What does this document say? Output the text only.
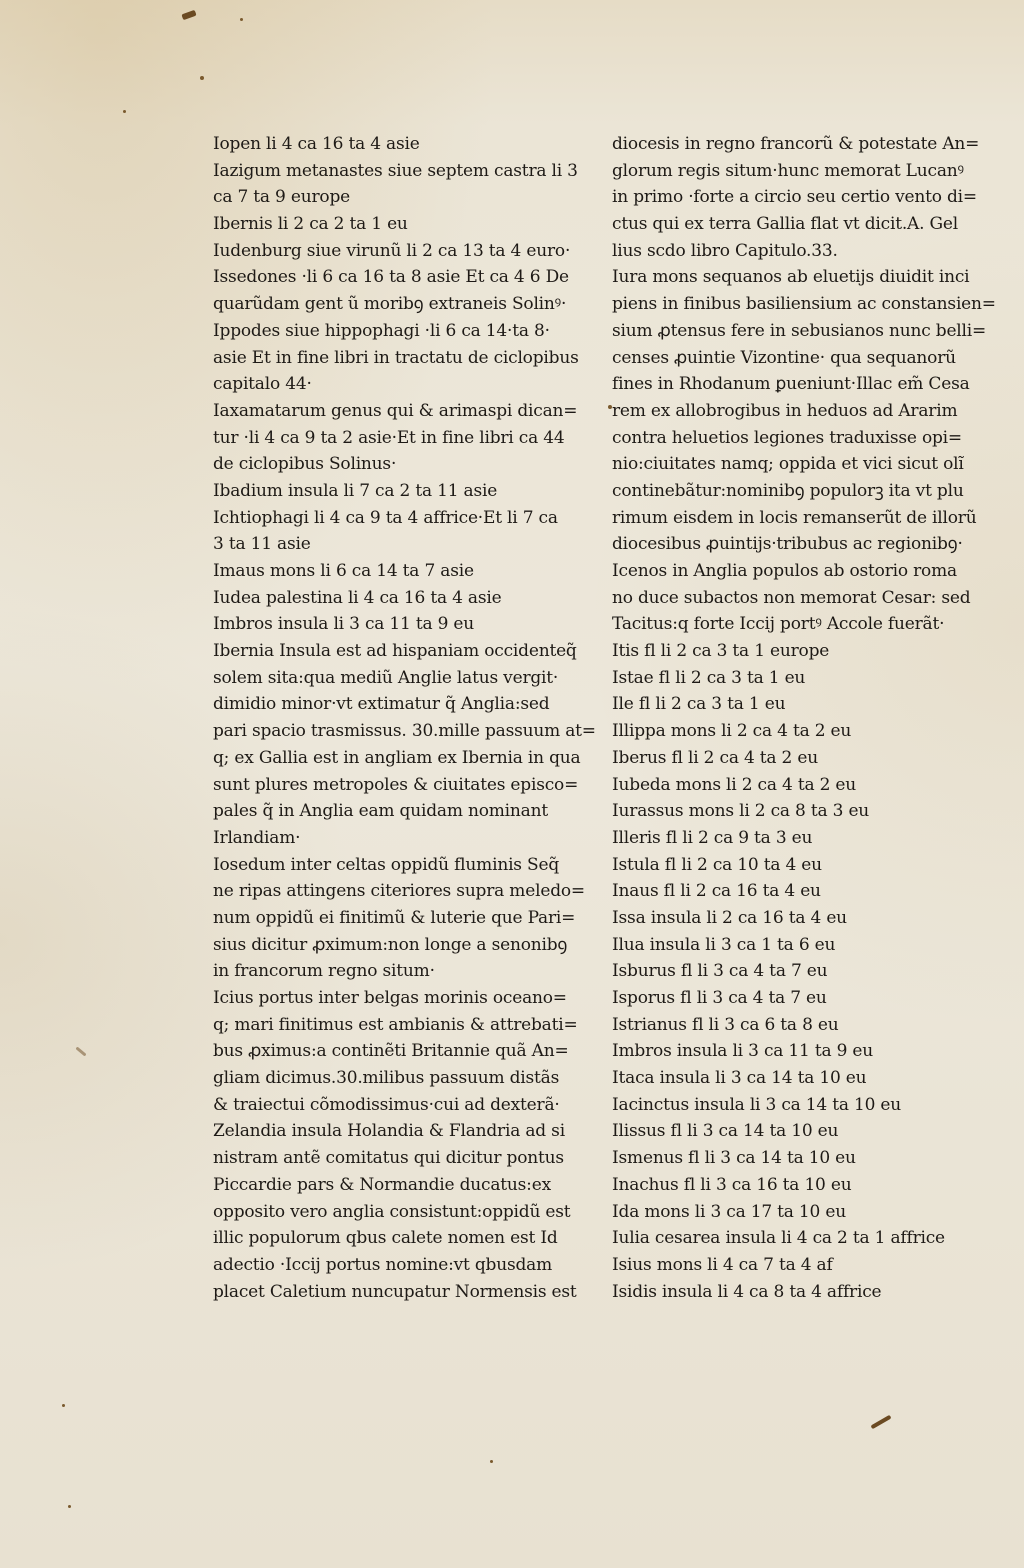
Iopen li 4 ca 16 ta 4 asie
Iazigum metanastes siue septem castra li 3
ca 7 ta 9 europe
Ibernis li 2 ca 2 ta 1 eu
Iudenburg siue virunũ li 2 ca 13 ta 4 euro·
Issedones ·li 6 ca 16 ta 8 asie Et ca 4 6 De
quarũdam gent ũ moribꝯ extraneis Solinꝰ·
Ippodes siue hippophagi ·li 6 ca 14·ta 8·
asie Et in fine libri in tractatu de ciclopibus
capitalo 44·
Iaxamatarum genus qui & arimaspi dican=
tur ·li 4 ca 9 ta 2 asie·Et in fine libri ca 44
de ciclopibus Solinus·
Ibadium insula li 7 ca 2 ta 11 asie
Ichtiophagi li 4 ca 9 ta 4 affrice·Et li 7 ca
3 ta 11 asie
Imaus mons li 6 ca 14 ta 7 asie
Iudea palestina li 4 ca 16 ta 4 asie
Imbros insula li 3 ca 11 ta 9 eu
Ibernia Insula est ad hispaniam occidenteq̃
solem sita:qua mediũ Anglie latus vergit·
dimidio minor·vt extimatur q̃ Anglia:sed
pari spacio trasmissus. 30.mille passuum at=
q; ex Gallia est in angliam ex Ibernia in qua
sunt plures metropoles & ciuitates episco=
pales q̃ in Anglia eam quidam nominant
Irlandiam·
Iosedum inter celtas oppidũ fluminis Seq̃
ne ripas attingens citeriores supra meledo=
num oppidũ ei finitimũ & luterie que Pari=
sius dicitur ꝓximum:non longe a senonibꝯ
in francorum regno situm·
Icius portus inter belgas morinis oceano=
q; mari finitimus est ambianis & attrebati=
bus ꝓximus:a continẽti Britannie quã An=
gliam dicimus.30.milibus passuum distãs
& traiectui cõmodissimus·cui ad dexterã·
Zelandia insula Holandia & Flandria ad si
nistram antẽ comitatus qui dicitur pontus
Piccardie pars & Normandie ducatus:ex
opposito vero anglia consistunt:oppidũ est
illic populorum qbus calete nomen est Id
adectio ·Iccij portus nomine:vt qbusdam
placet Caletium nuncupatur Normensis est
diocesis in regno francorũ & potestate An=
glorum regis situm·hunc memorat Lucanꝰ
in primo ·forte a circio seu certio vento di=
ctus qui ex terra Gallia flat vt dicit.A. Gel
lius scdo libro Capitulo.33.
Iura mons sequanos ab eluetijs diuidit inci
piens in finibus basiliensium ac constansien=
sium ꝓtensus fere in sebusianos nunc belli=
censes ꝓuintie Vizontine· qua sequanorũ
fines in Rhodanum ꝑueniunt·Illac em̃ Cesa
rem ex allobrogibus in heduos ad Ararim
contra heluetios legiones traduxisse opi=
nio:ciuitates namq; oppida et vici sicut olĩ
continebãtur:nominibꝯ populorꝫ ita vt plu
rimum eisdem in locis remanserũt de illorũ
diocesibus ꝓuintijs·tribubus ac regionibꝯ·
Icenos in Anglia populos ab ostorio roma
no duce subactos non memorat Cesar: sed
Tacitus:q forte Iccij portꝰ Accole fuerãt·
Itis fl li 2 ca 3 ta 1 europe
Istae fl li 2 ca 3 ta 1 eu
Ile fl li 2 ca 3 ta 1 eu
Illippa mons li 2 ca 4 ta 2 eu
Iberus fl li 2 ca 4 ta 2 eu
Iubeda mons li 2 ca 4 ta 2 eu
Iurassus mons li 2 ca 8 ta 3 eu
Illeris fl li 2 ca 9 ta 3 eu
Istula fl li 2 ca 10 ta 4 eu
Inaus fl li 2 ca 16 ta 4 eu
Issa insula li 2 ca 16 ta 4 eu
Ilua insula li 3 ca 1 ta 6 eu
Isburus fl li 3 ca 4 ta 7 eu
Isporus fl li 3 ca 4 ta 7 eu
Istrianus fl li 3 ca 6 ta 8 eu
Imbros insula li 3 ca 11 ta 9 eu
Itaca insula li 3 ca 14 ta 10 eu
Iacinctus insula li 3 ca 14 ta 10 eu
Ilissus fl li 3 ca 14 ta 10 eu
Ismenus fl li 3 ca 14 ta 10 eu
Inachus fl li 3 ca 16 ta 10 eu
Ida mons li 3 ca 17 ta 10 eu
Iulia cesarea insula li 4 ca 2 ta 1 affrice
Isius mons li 4 ca 7 ta 4 af
Isidis insula li 4 ca 8 ta 4 affrice
